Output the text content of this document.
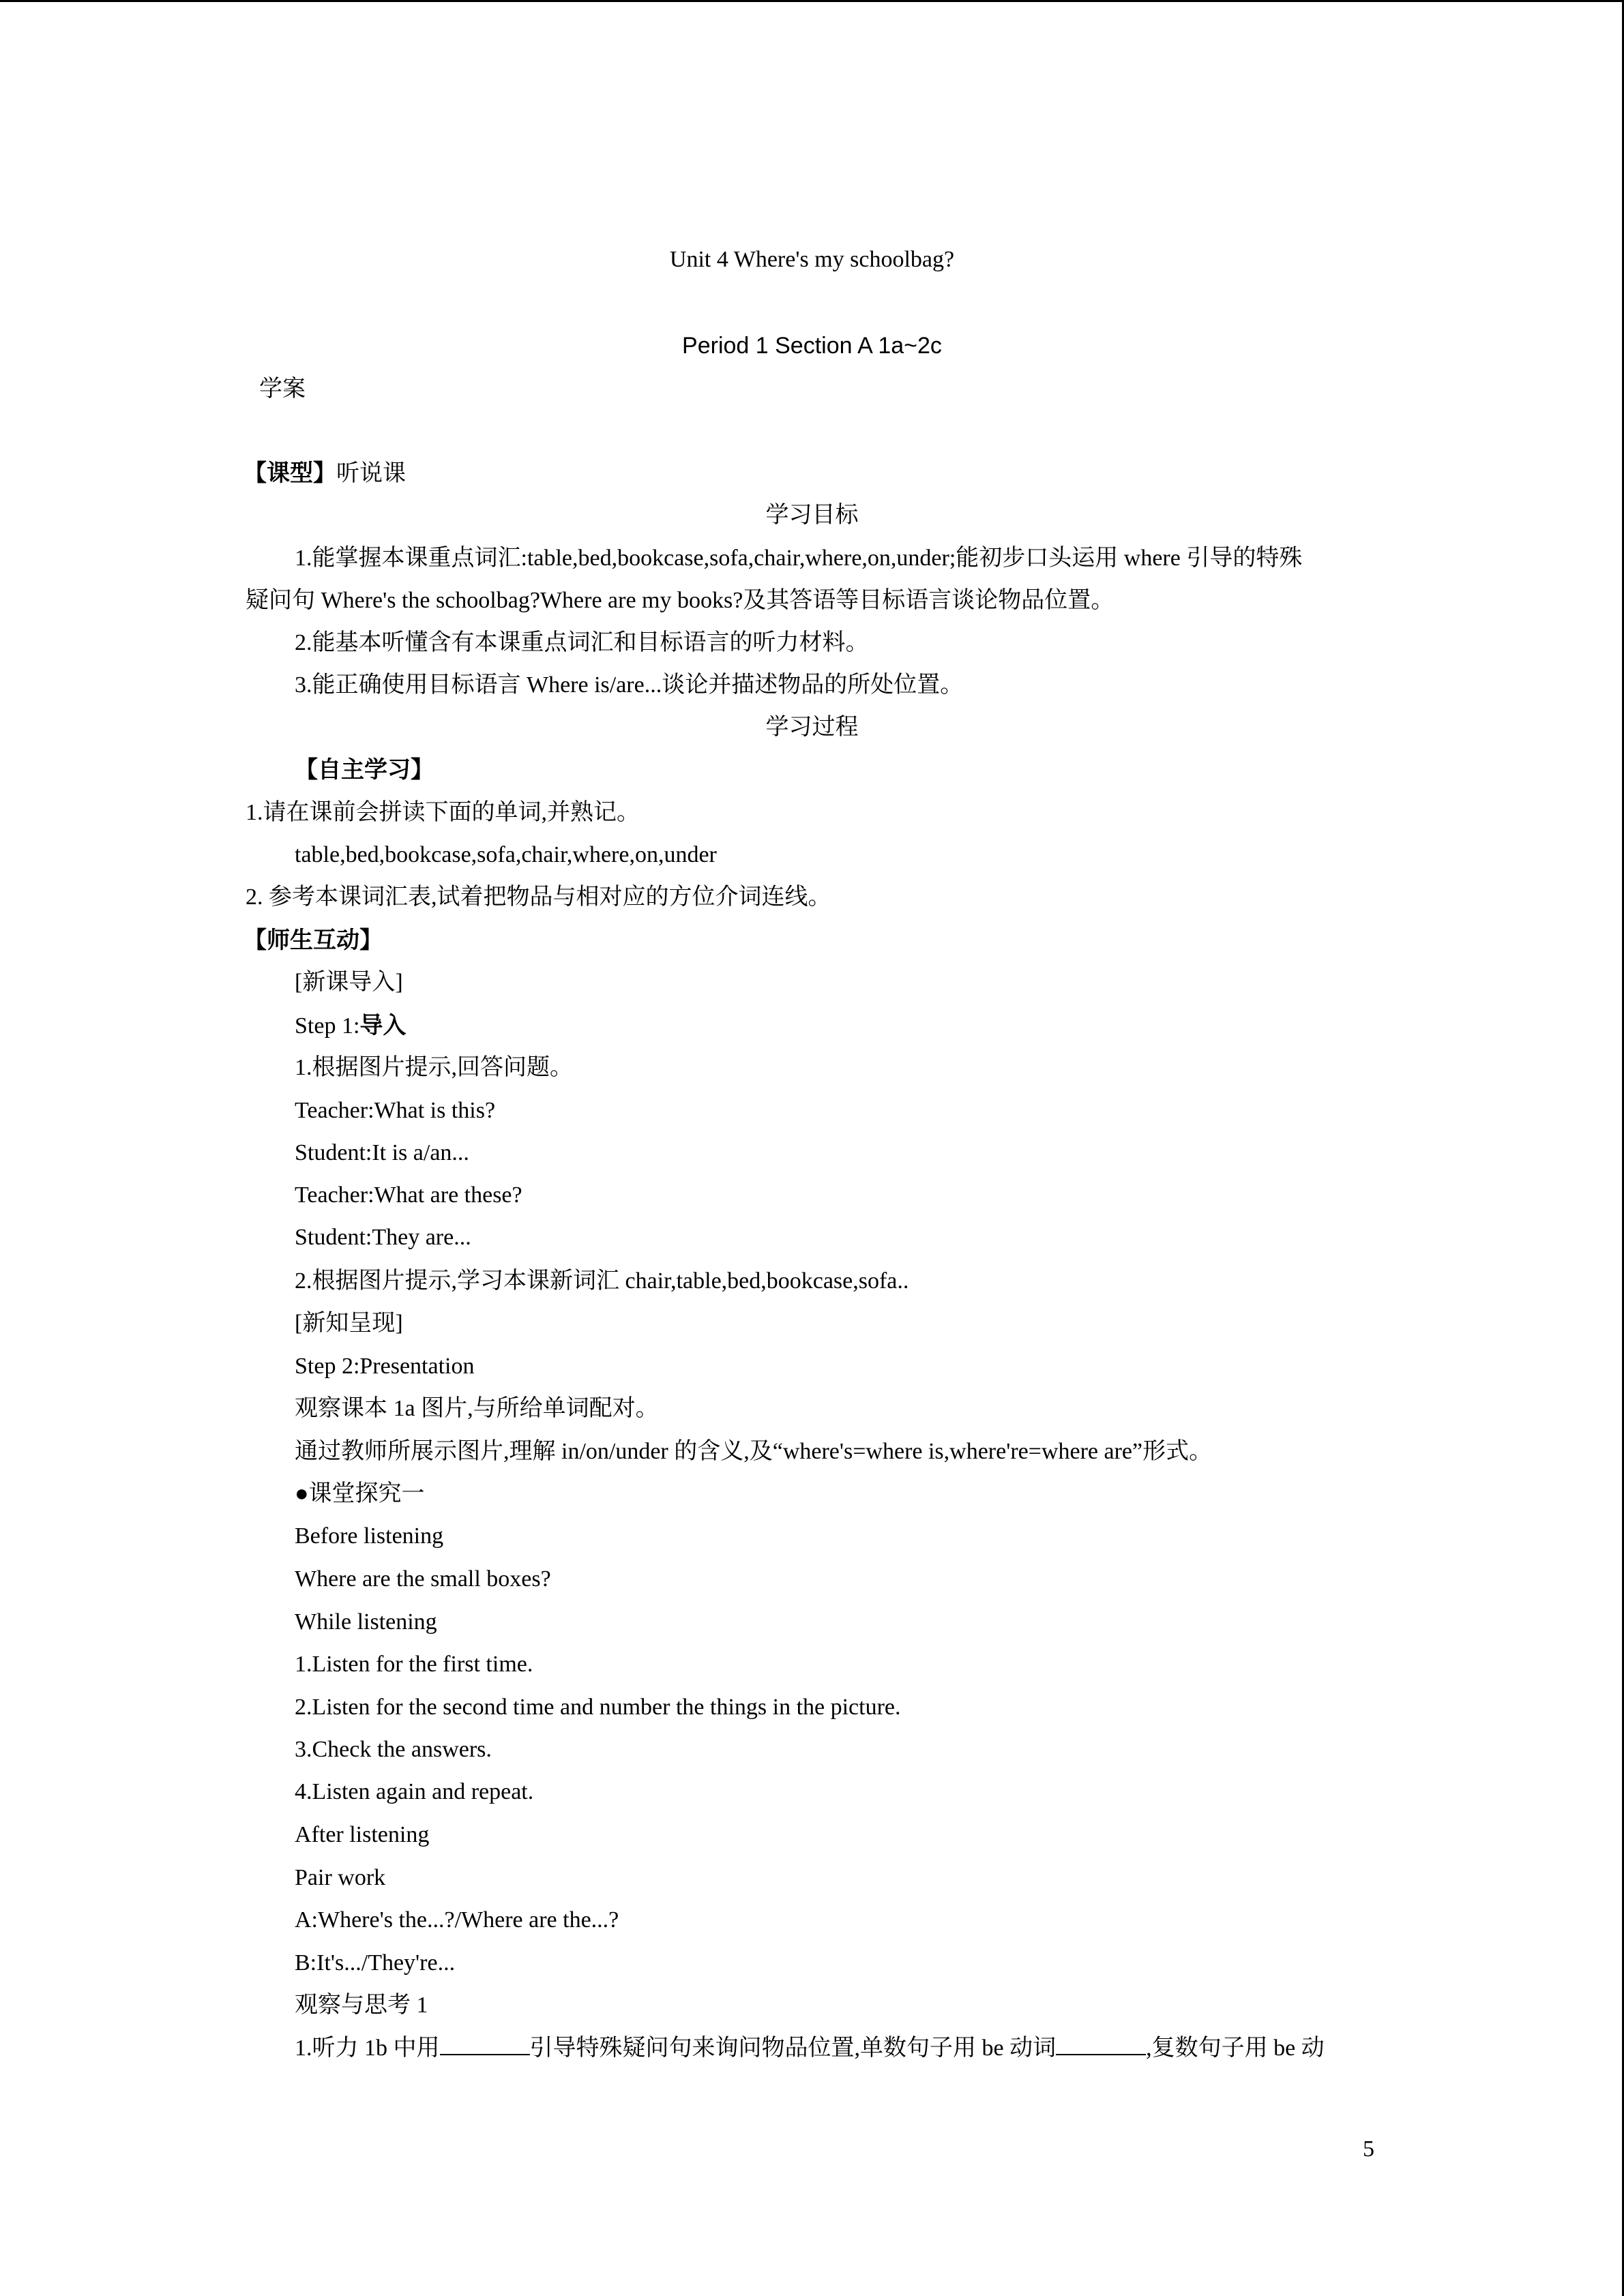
Unit 4 Where's my schoolbag?
Period 1 Section A 1a~2c
学案
【课型】听说课
学习目标
1.能掌握本课重点词汇:table,bed,bookcase,sofa,chair,where,on,under;能初步口头运用 where 引导的特殊
疑问句 Where's the schoolbag?Where are my books?及其答语等目标语言谈论物品位置。
2.能基本听懂含有本课重点词汇和目标语言的听力材料。
3.能正确使用目标语言 Where is/are...谈论并描述物品的所处位置。
学习过程
【自主学习】
1.请在课前会拼读下面的单词,并熟记。
table,bed,bookcase,sofa,chair,where,on,under
2. 参考本课词汇表,试着把物品与相对应的方位介词连线。
【师生互动】
[新课导入]
Step 1:导入
1.根据图片提示,回答问题。
Teacher:What is this?
Student:It is a/an...
Teacher:What are these?
Student:They are...
2.根据图片提示,学习本课新词汇 chair,table,bed,bookcase,sofa..
[新知呈现]
Step 2:Presentation
观察课本 1a 图片,与所给单词配对。
通过教师所展示图片,理解 in/on/under 的含义,及“where's=where is,where're=where are”形式。
●课堂探究一
Before listening
Where are the small boxes?
While listening
1.Listen for the first time.
2.Listen for the second time and number the things in the picture.
3.Check the answers.
4.Listen again and repeat.
After listening
Pair work
A:Where's the...?/Where are the...?
B:It's.../They're...
观察与思考 1
1.听力 1b 中用	引导特殊疑问句来询问物品位置,单数句子用 be 动词	,复数句子用 be 动
5
